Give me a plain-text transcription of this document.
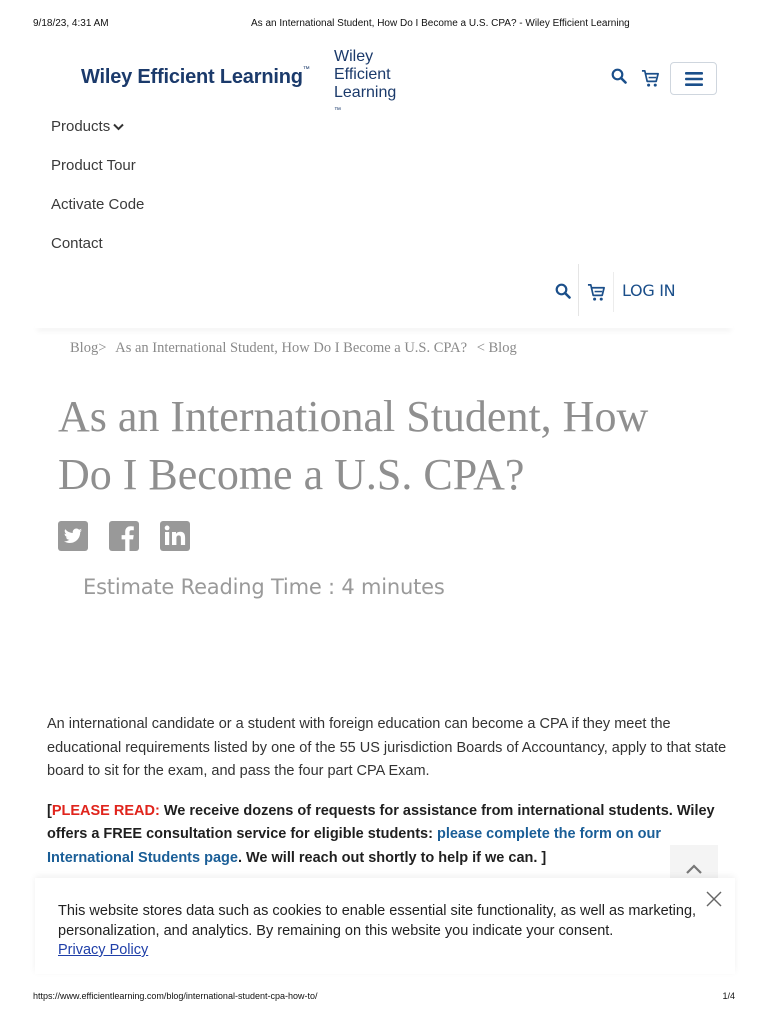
9/18/23, 4:31 AM	As an International Student, How Do I Become a U.S. CPA? - Wiley Efficient Learning
Wiley Efficient Learning™
Wiley
Efficient
Learning
™
Products
Product Tour
Activate Code
Contact
LOG IN
Blog> As an International Student, How Do I Become a U.S. CPA? < Blog
As an International Student, How Do I Become a U.S. CPA?
Estimate Reading Time : 4 minutes

An international candidate or a student with foreign education can become a CPA if they meet the educational requirements listed by one of the 55 US jurisdiction Boards of Accountancy, apply to that state board to sit for the exam, and pass the four part CPA Exam.

[PLEASE READ: We receive dozens of requests for assistance from international students. Wiley offers a FREE consultation service for eligible students: please complete the form on our International Students page. We will reach out shortly to help if we can. ]

This website stores data such as cookies to enable essential site functionality, as well as marketing, personalization, and analytics. By remaining on this website you indicate your consent.
Privacy Policy
https://www.efficientlearning.com/blog/international-student-cpa-how-to/	1/4
